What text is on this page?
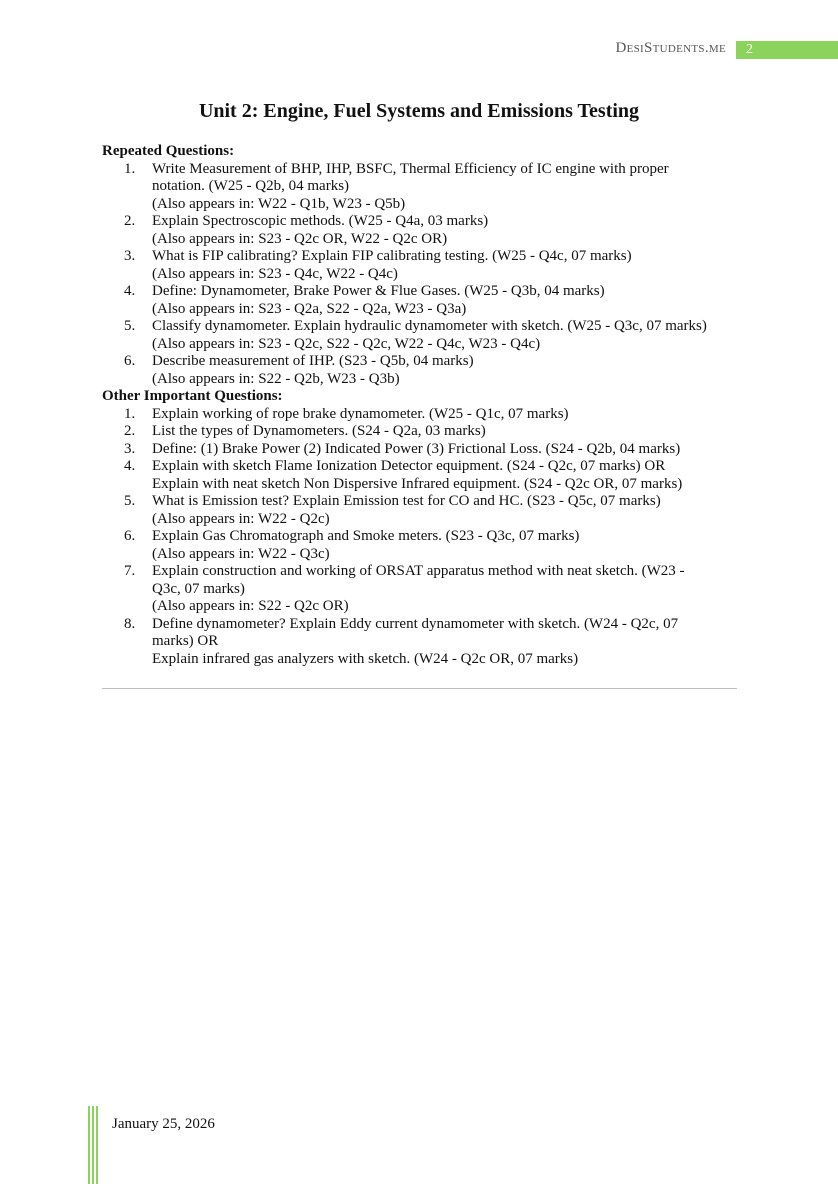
DesiStudents.me	2
Unit 2: Engine, Fuel Systems and Emissions Testing
Repeated Questions:
1.	Write Measurement of BHP, IHP, BSFC, Thermal Efficiency of IC engine with proper
notation. (W25 - Q2b, 04 marks)
(Also appears in: W22 - Q1b, W23 - Q5b)
2.	Explain Spectroscopic methods. (W25 - Q4a, 03 marks)
(Also appears in: S23 - Q2c OR, W22 - Q2c OR)
3.	What is FIP calibrating? Explain FIP calibrating testing. (W25 - Q4c, 07 marks)
(Also appears in: S23 - Q4c, W22 - Q4c)
4.	Define: Dynamometer, Brake Power & Flue Gases. (W25 - Q3b, 04 marks)
(Also appears in: S23 - Q2a, S22 - Q2a, W23 - Q3a)
5.	Classify dynamometer. Explain hydraulic dynamometer with sketch. (W25 - Q3c, 07 marks)
(Also appears in: S23 - Q2c, S22 - Q2c, W22 - Q4c, W23 - Q4c)
6.	Describe measurement of IHP. (S23 - Q5b, 04 marks)
(Also appears in: S22 - Q2b, W23 - Q3b)
Other Important Questions:
1.	Explain working of rope brake dynamometer. (W25 - Q1c, 07 marks)
2.	List the types of Dynamometers. (S24 - Q2a, 03 marks)
3.	Define: (1) Brake Power (2) Indicated Power (3) Frictional Loss. (S24 - Q2b, 04 marks)
4.	Explain with sketch Flame Ionization Detector equipment. (S24 - Q2c, 07 marks) OR
Explain with neat sketch Non Dispersive Infrared equipment. (S24 - Q2c OR, 07 marks)
5.	What is Emission test? Explain Emission test for CO and HC. (S23 - Q5c, 07 marks)
(Also appears in: W22 - Q2c)
6.	Explain Gas Chromatograph and Smoke meters. (S23 - Q3c, 07 marks)
(Also appears in: W22 - Q3c)
7.	Explain construction and working of ORSAT apparatus method with neat sketch. (W23 -
Q3c, 07 marks)
(Also appears in: S22 - Q2c OR)
8.	Define dynamometer? Explain Eddy current dynamometer with sketch. (W24 - Q2c, 07
marks) OR
Explain infrared gas analyzers with sketch. (W24 - Q2c OR, 07 marks)
January 25, 2026
